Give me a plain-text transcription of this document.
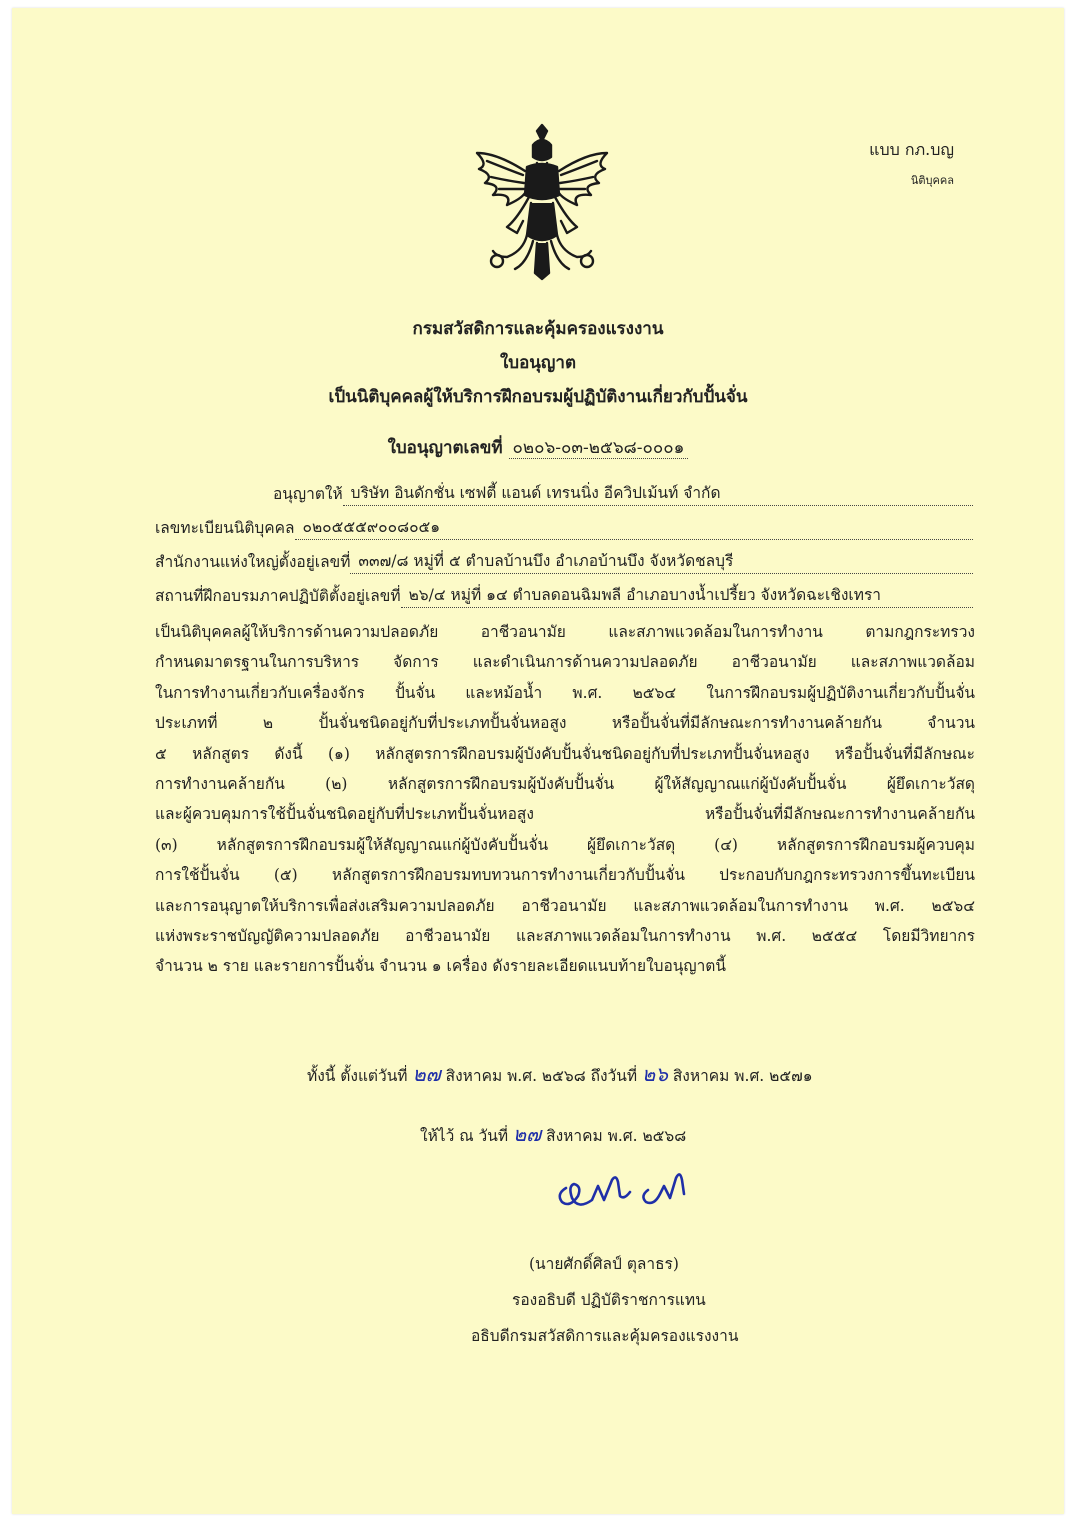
แบบ กภ.บญ
นิติบุคคล
กรมสวัสดิการและคุ้มครองแรงงาน
ใบอนุญาต
เป็นนิติบุคคลผู้ให้บริการฝึกอบรมผู้ปฏิบัติงานเกี่ยวกับปั้นจั่น
ใบอนุญาตเลขที่ ๐๒๐๖-๐๓-๒๕๖๘-๐๐๐๑
อนุญาตให้ บริษัท อินดักชั่น เซฟตี้ แอนด์ เทรนนิ่ง อีควิปเม้นท์ จำกัด
เลขทะเบียนนิติบุคคล ๐๒๐๕๕๕๙๐๐๘๐๕๑
สำนักงานแห่งใหญ่ตั้งอยู่เลขที่ ๓๓๗/๘ หมู่ที่ ๕ ตำบลบ้านบึง อำเภอบ้านบึง จังหวัดชลบุรี
สถานที่ฝึกอบรมภาคปฏิบัติตั้งอยู่เลขที่ ๒๖/๔ หมู่ที่ ๑๔ ตำบลดอนฉิมพลี อำเภอบางน้ำเปรี้ยว จังหวัดฉะเชิงเทรา

เป็นนิติบุคคลผู้ให้บริการด้านความปลอดภัย อาชีวอนามัย และสภาพแวดล้อมในการทำงาน ตามกฎกระทรวง

กำหนดมาตรฐานในการบริหาร จัดการ และดำเนินการด้านความปลอดภัย อาชีวอนามัย และสภาพแวดล้อม

ในการทำงานเกี่ยวกับเครื่องจักร ปั้นจั่น และหม้อน้ำ พ.ศ. ๒๕๖๔ ในการฝึกอบรมผู้ปฏิบัติงานเกี่ยวกับปั้นจั่น

ประเภทที่ ๒ ปั้นจั่นชนิดอยู่กับที่ประเภทปั้นจั่นหอสูง หรือปั้นจั่นที่มีลักษณะการทำงานคล้ายกัน จำนวน

๕ หลักสูตร ดังนี้ (๑) หลักสูตรการฝึกอบรมผู้บังคับปั้นจั่นชนิดอยู่กับที่ประเภทปั้นจั่นหอสูง หรือปั้นจั่นที่มีลักษณะ

การทำงานคล้ายกัน (๒) หลักสูตรการฝึกอบรมผู้บังคับปั้นจั่น ผู้ให้สัญญาณแก่ผู้บังคับปั้นจั่น ผู้ยึดเกาะวัสดุ

และผู้ควบคุมการใช้ปั้นจั่นชนิดอยู่กับที่ประเภทปั้นจั่นหอสูง หรือปั้นจั่นที่มีลักษณะการทำงานคล้ายกัน

(๓) หลักสูตรการฝึกอบรมผู้ให้สัญญาณแก่ผู้บังคับปั้นจั่น ผู้ยึดเกาะวัสดุ (๔) หลักสูตรการฝึกอบรมผู้ควบคุม

การใช้ปั้นจั่น (๕) หลักสูตรการฝึกอบรมทบทวนการทำงานเกี่ยวกับปั้นจั่น ประกอบกับกฎกระทรวงการขึ้นทะเบียน

และการอนุญาตให้บริการเพื่อส่งเสริมความปลอดภัย อาชีวอนามัย และสภาพแวดล้อมในการทำงาน พ.ศ. ๒๕๖๔

แห่งพระราชบัญญัติความปลอดภัย อาชีวอนามัย และสภาพแวดล้อมในการทำงาน พ.ศ. ๒๕๕๔ โดยมีวิทยากร

จำนวน ๒ ราย และรายการปั้นจั่น จำนวน ๑ เครื่อง ดังรายละเอียดแนบท้ายใบอนุญาตนี้

ทั้งนี้ ตั้งแต่วันที่ ๒๗ สิงหาคม พ.ศ. ๒๕๖๘ ถึงวันที่ ๒๖ สิงหาคม พ.ศ. ๒๕๗๑
ให้ไว้ ณ วันที่ ๒๗ สิงหาคม พ.ศ. ๒๕๖๘
(นายศักดิ์ศิลป์ ตุลาธร)
รองอธิบดี ปฏิบัติราชการแทน
อธิบดีกรมสวัสดิการและคุ้มครองแรงงาน
